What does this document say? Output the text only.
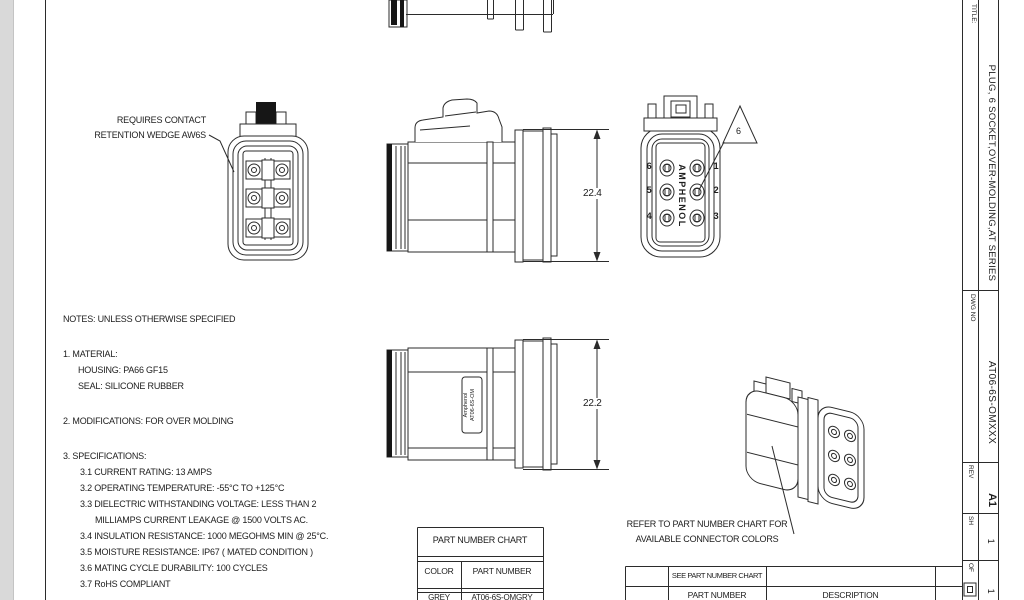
REQUIRES CONTACT
RETENTION WEDGE AW6S
NOTES: UNLESS OTHERWISE SPECIFIED
1. MATERIAL:
HOUSING: PA66 GF15
SEAL: SILICONE RUBBER
2. MODIFICATIONS: FOR OVER MOLDING
3. SPECIFICATIONS:
3.1 CURRENT RATING: 13 AMPS
3.2 OPERATING TEMPERATURE: -55°C TO +125°C
3.3 DIELECTRIC WITHSTANDING VOLTAGE: LESS THAN 2
MILLIAMPS CURRENT LEAKAGE @ 1500 VOLTS AC.
3.4 INSULATION RESISTANCE: 1000 MEGOHMS MIN @ 25°C.
3.5 MOISTURE RESISTANCE: IP67 ( MATED CONDITION )
3.6 MATING CYCLE DURABILITY: 100 CYCLES
3.7 RoHS COMPLIANT
22.4
22.2
6
5
4
1
2
3
AMPHENOL
6
Amphenol AT06-6S-OM
REFER TO PART NUMBER CHART FOR
AVAILABLE CONNECTOR COLORS
PART NUMBER CHART
COLOR	PART NUMBER
GREY	AT06-6S-OMGRY
SEE PART NUMBER CHART
PART NUMBER	DESCRIPTION
TITLE:
PLUG, 6 SOCKET,OVER-MOLDING,AT SERIES
DWG NO
AT06-6S-OMXXX
REV
A1
SH
1
OF
1
